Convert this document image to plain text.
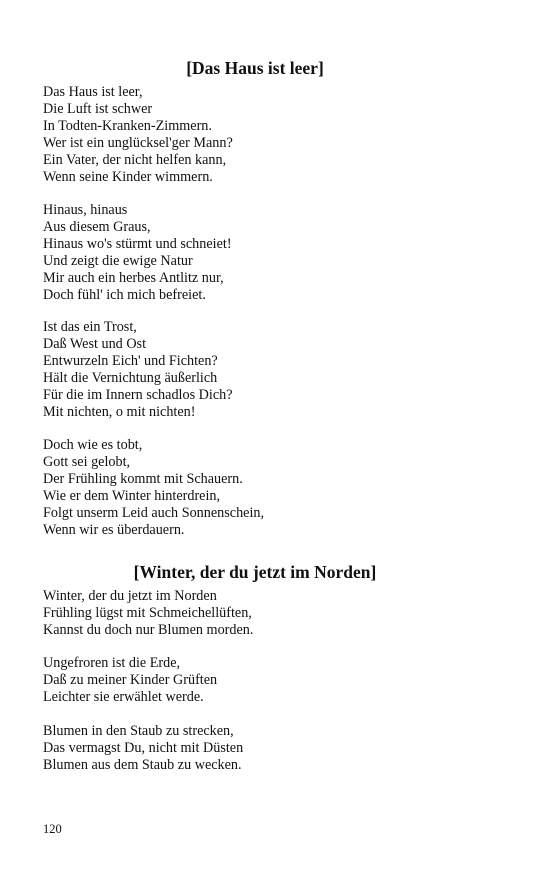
[Das Haus ist leer]
Das Haus ist leer,
Die Luft ist schwer
In Todten-Kranken-Zimmern.
Wer ist ein unglücksel'ger Mann?
Ein Vater, der nicht helfen kann,
Wenn seine Kinder wimmern.
Hinaus, hinaus
Aus diesem Graus,
Hinaus wo's stürmt und schneiet!
Und zeigt die ewige Natur
Mir auch ein herbes Antlitz nur,
Doch fühl' ich mich befreiet.
Ist das ein Trost,
Daß West und Ost
Entwurzeln Eich' und Fichten?
Hält die Vernichtung äußerlich
Für die im Innern schadlos Dich?
Mit nichten, o mit nichten!
Doch wie es tobt,
Gott sei gelobt,
Der Frühling kommt mit Schauern.
Wie er dem Winter hinterdrein,
Folgt unserm Leid auch Sonnenschein,
Wenn wir es überdauern.
[Winter, der du jetzt im Norden]
Winter, der du jetzt im Norden
Frühling lügst mit Schmeichellüften,
Kannst du doch nur Blumen morden.
Ungefroren ist die Erde,
Daß zu meiner Kinder Grüften
Leichter sie erwählet werde.
Blumen in den Staub zu strecken,
Das vermagst Du, nicht mit Düsten
Blumen aus dem Staub zu wecken.
120
